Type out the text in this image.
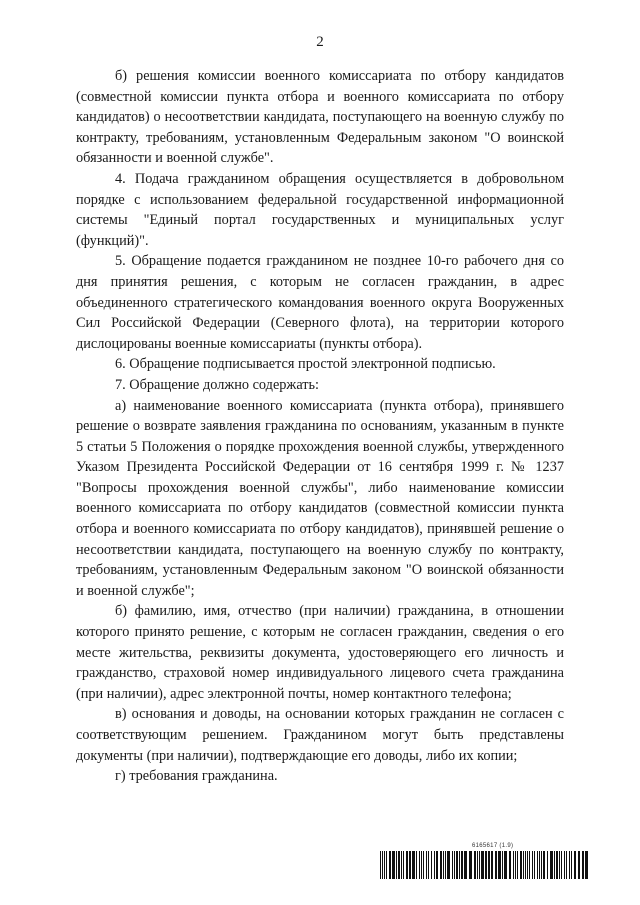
2

б) решения комиссии военного комиссариата по отбору кандидатов (совместной комиссии пункта отбора и военного комиссариата по отбору кандидатов) о несоответствии кандидата, поступающего на военную службу по контракту, требованиям, установленным Федеральным законом "О воинской обязанности и военной службе".

4. Подача гражданином обращения осуществляется в добровольном порядке с использованием федеральной государственной информационной системы "Единый портал государственных и муниципальных услуг (функций)".

5. Обращение подается гражданином не позднее 10-го рабочего дня со дня принятия решения, с которым не согласен гражданин, в адрес объединенного стратегического командования военного округа Вооруженных Сил Российской Федерации (Северного флота), на территории которого дислоцированы военные комиссариаты (пункты отбора).

6. Обращение подписывается простой электронной подписью.

7. Обращение должно содержать:

а) наименование военного комиссариата (пункта отбора), принявшего решение о возврате заявления гражданина по основаниям, указанным в пункте 5 статьи 5 Положения о порядке прохождения военной службы, утвержденного Указом Президента Российской Федерации от 16 сентября 1999 г. № 1237 "Вопросы прохождения военной службы", либо наименование комиссии военного комиссариата по отбору кандидатов (совместной комиссии пункта отбора и военного комиссариата по отбору кандидатов), принявшей решение о несоответствии кандидата, поступающего на военную службу по контракту, требованиям, установленным Федеральным законом "О воинской обязанности и военной службе";

б) фамилию, имя, отчество (при наличии) гражданина, в отношении которого принято решение, с которым не согласен гражданин, сведения о его месте жительства, реквизиты документа, удостоверяющего его личность и гражданство, страховой номер индивидуального лицевого счета гражданина (при наличии), адрес электронной почты, номер контактного телефона;

в) основания и доводы, на основании которых гражданин не согласен с соответствующим решением. Гражданином могут быть представлены документы (при наличии), подтверждающие его доводы, либо их копии;

г) требования гражданина.

6165617 (1.9)
